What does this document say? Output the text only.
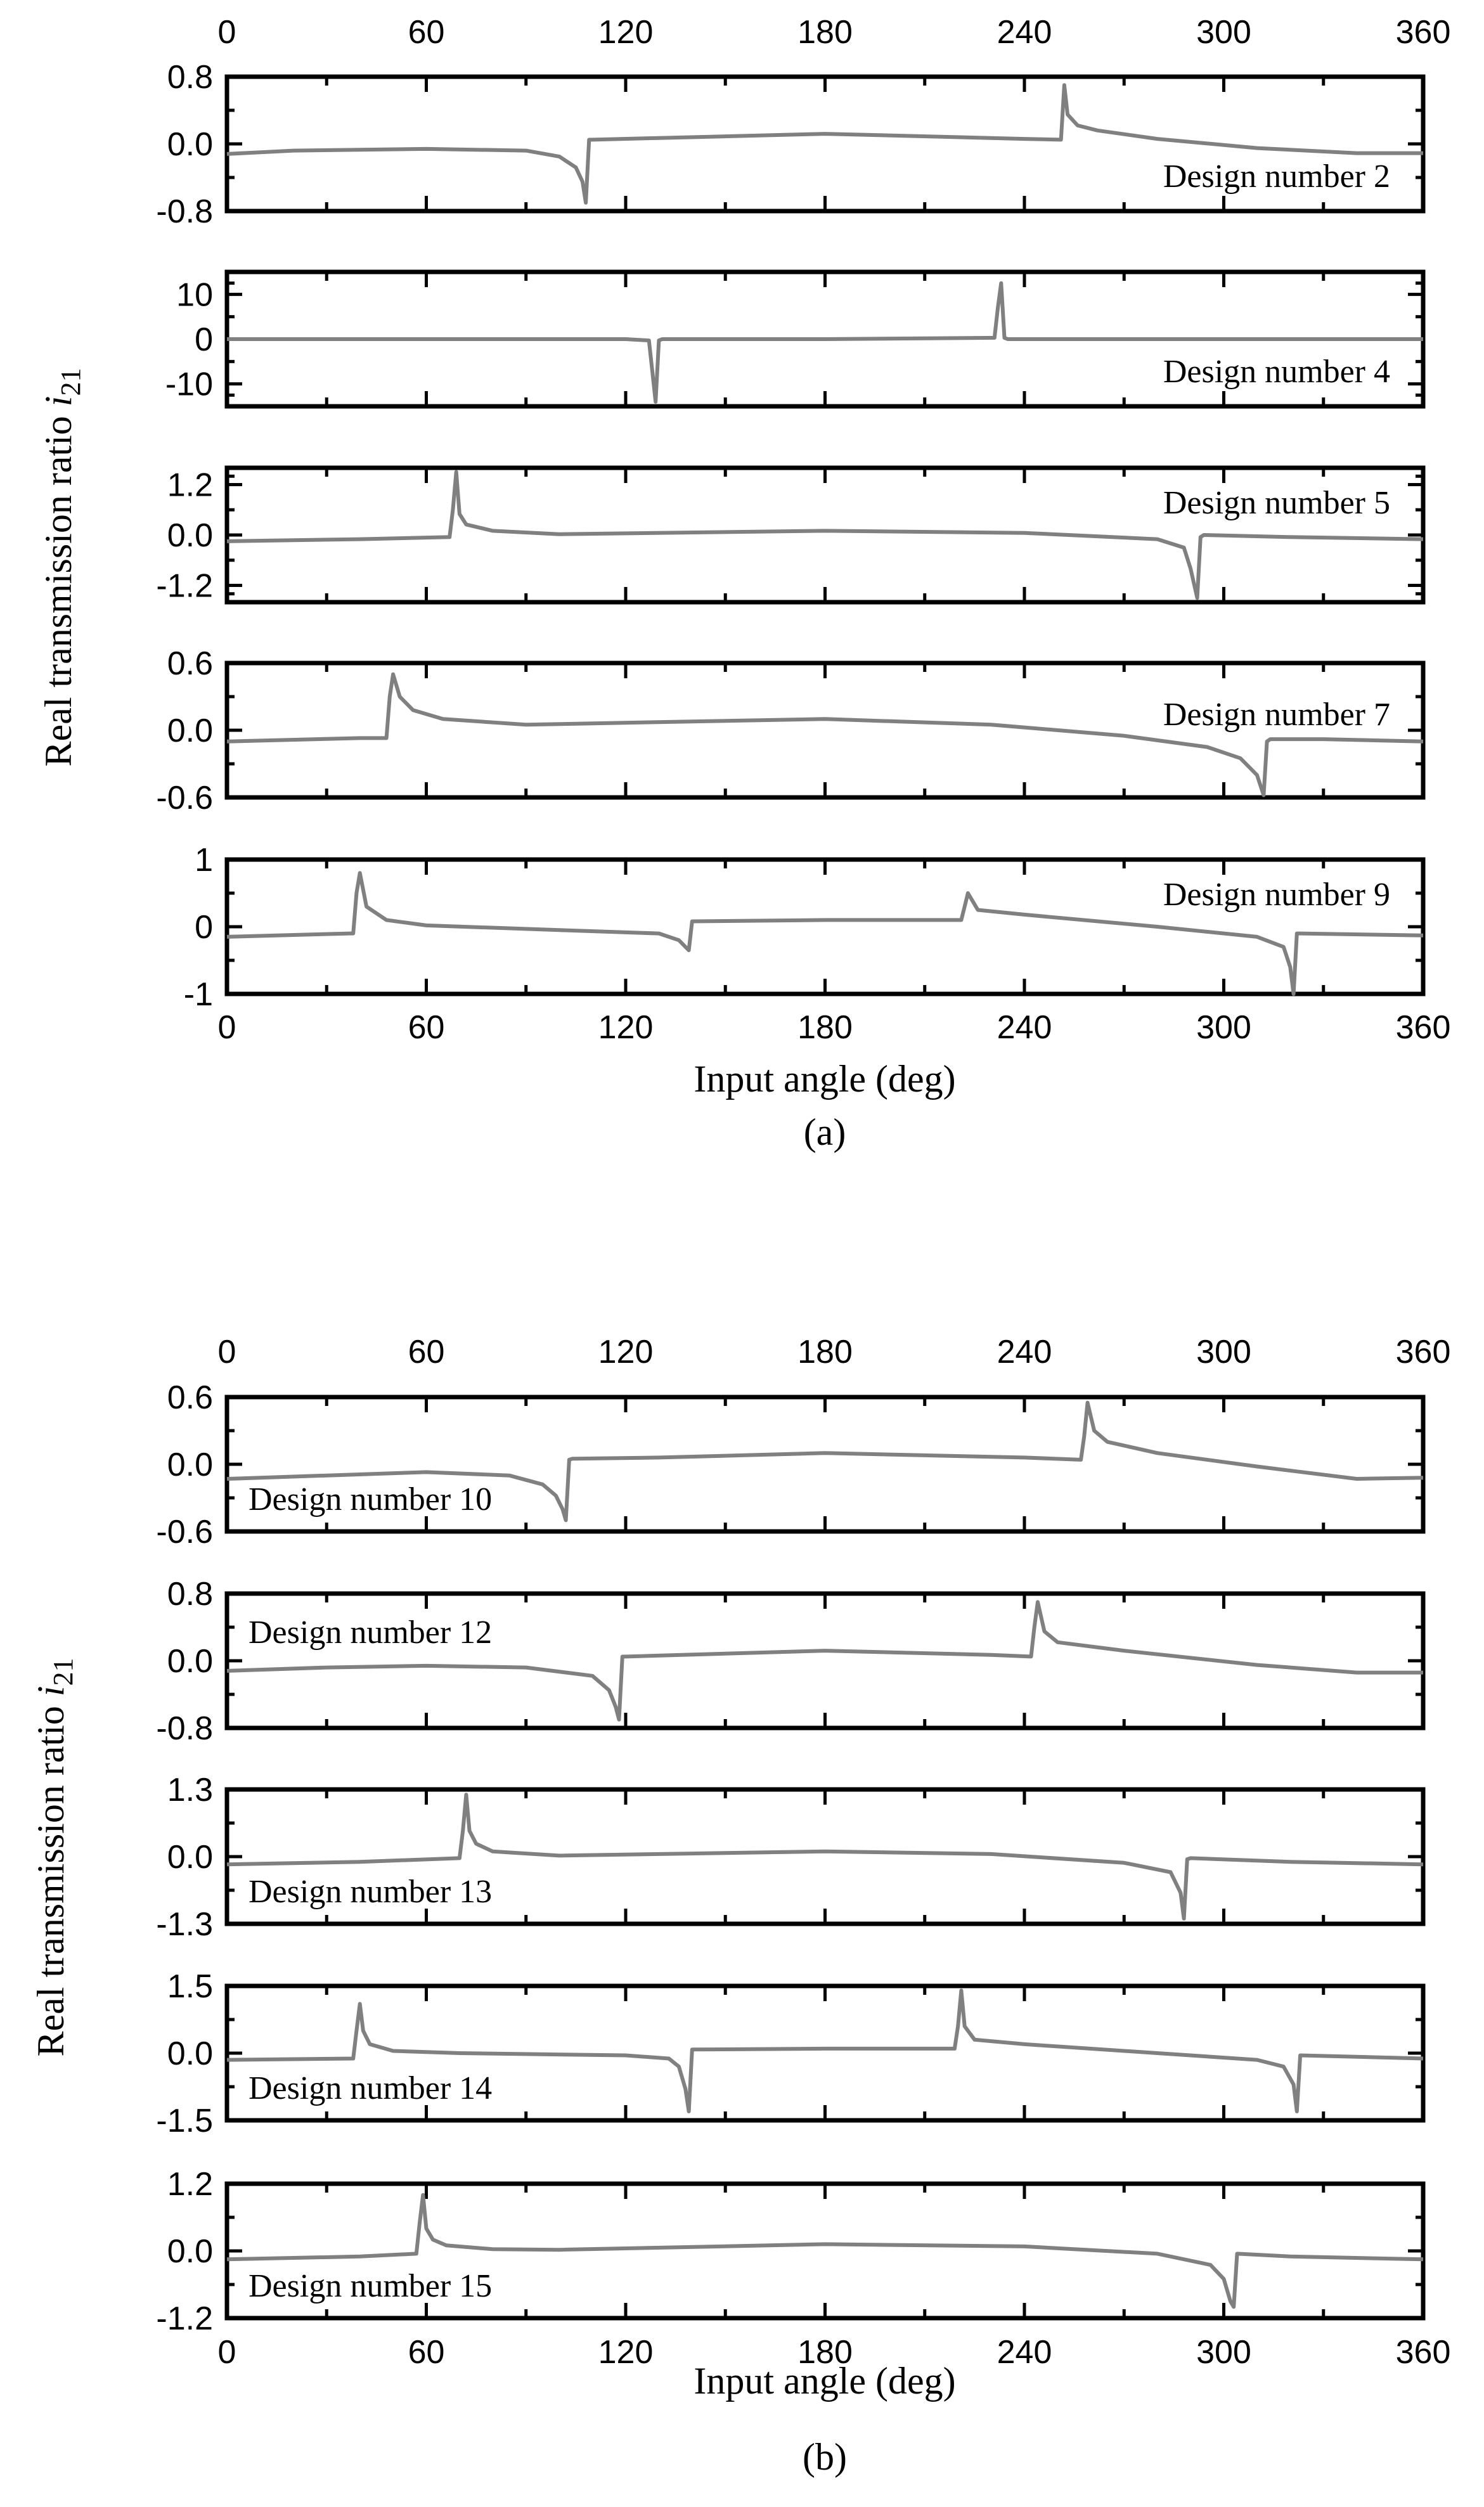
0.8
0.0
-0.8
Design number 2
10
0
-10	Design number 4
1.2
0.0
-1.2
Design number 5
0.6
0.0
-0.6
Design number 7
1
0
-1
Design number 9
0.6
0.0
-0.6
Design number 10
0.8
0.0
-0.8
Design number 12
1.3
0.0
-1.3
Design number 13
1.5
0.0
-1.5
Design number 14
1.2
0.0
-1.2
Design number 15
0	60	120	180	240	300	360
0	60	120	180	240	300	360
0	60	120	180	240	300	360
0	60	120	180	240	300	360
Real transmission ratio $i_{21}$
Input angle (deg)
(a)
Real transmission ratio $i_{21}$
Input angle (deg)
(b)
